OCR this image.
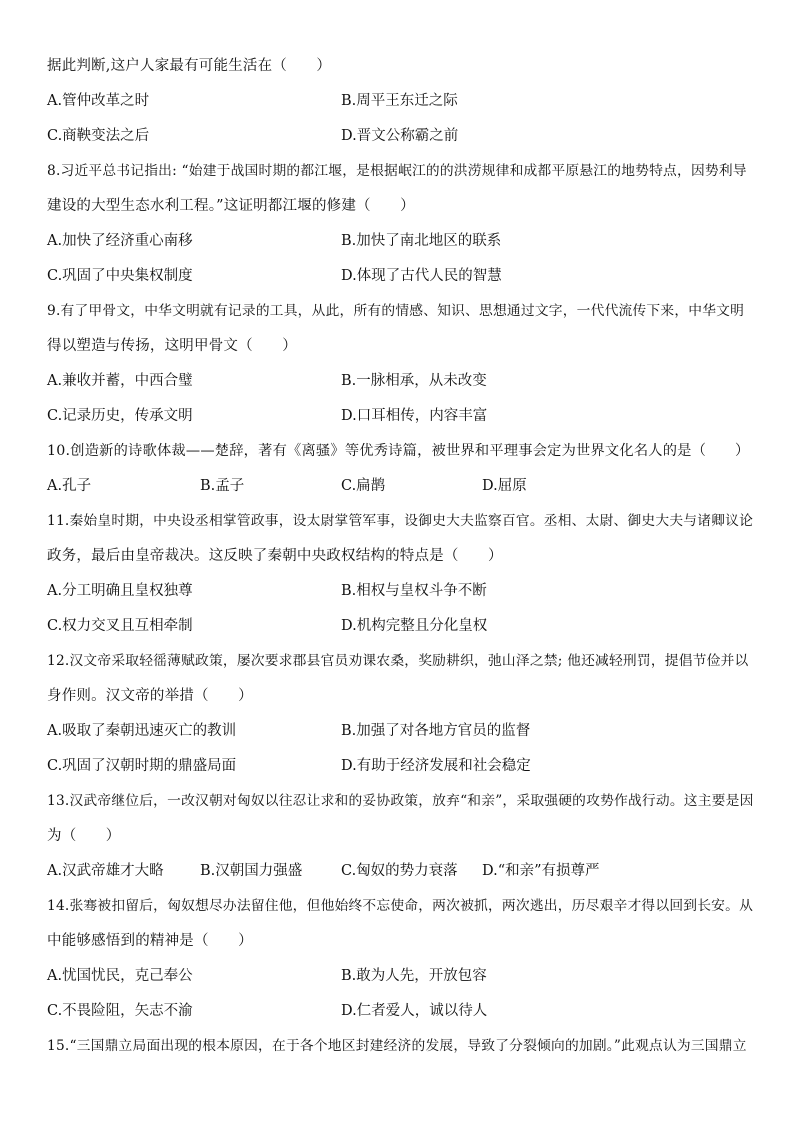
据此判断,这户人家最有可能生活在（　　）
A.管仲改革之时	B.周平王东迁之际
C.商鞅变法之后	D.晋文公称霸之前
8.习近平总书记指出: “始建于战国时期的都江堰，是根据岷江的的洪涝规律和成都平原悬江的地势特点，因势利导
建设的大型生态水利工程。”这证明都江堰的修建（　　）
A.加快了经济重心南移	B.加快了南北地区的联系
C.巩固了中央集权制度	D.体现了古代人民的智慧
9.有了甲骨文，中华文明就有记录的工具，从此，所有的情感、知识、思想通过文字，一代代流传下来，中华文明
得以塑造与传扬，这明甲骨文（　　）
A.兼收并蓄，中西合璧	B.一脉相承，从未改变
C.记录历史，传承文明	D.口耳相传，内容丰富
10.创造新的诗歌体裁——楚辞，著有《离骚》等优秀诗篇，被世界和平理事会定为世界文化名人的是（　　）
A.孔子	B.孟子	C.扁鹊	D.屈原
11.秦始皇时期，中央设丞相掌管政事，设太尉掌管军事，设御史大夫监察百官。丞相、太尉、御史大夫与诸卿议论
政务，最后由皇帝裁决。这反映了秦朝中央政权结构的特点是（　　）
A.分工明确且皇权独尊	B.相权与皇权斗争不断
C.权力交叉且互相牵制	D.机构完整且分化皇权
12.汉文帝采取轻徭薄赋政策，屡次要求郡县官员劝课农桑，奖励耕织，弛山泽之禁; 他还减轻刑罚，提倡节俭并以
身作则。汉文帝的举措（　　）
A.吸取了秦朝迅速灭亡的教训	B.加强了对各地方官员的监督
C.巩固了汉朝时期的鼎盛局面	D.有助于经济发展和社会稳定
13.汉武帝继位后，一改汉朝对匈奴以往忍让求和的妥协政策，放弃“和亲”，采取强硬的攻势作战行动。这主要是因
为（　　）
A.汉武帝雄才大略	B.汉朝国力强盛	C.匈奴的势力衰落 D.“和亲”有损尊严
14.张骞被扣留后，匈奴想尽办法留住他，但他始终不忘使命，两次被抓，两次逃出，历尽艰辛才得以回到长安。从
中能够感悟到的精神是（　　）
A.忧国忧民，克己奉公	B.敢为人先，开放包容
C.不畏险阻，矢志不渝	D.仁者爱人，诚以待人
15.“三国鼎立局面出现的根本原因，在于各个地区封建经济的发展，导致了分裂倾向的加剧。”此观点认为三国鼎立
